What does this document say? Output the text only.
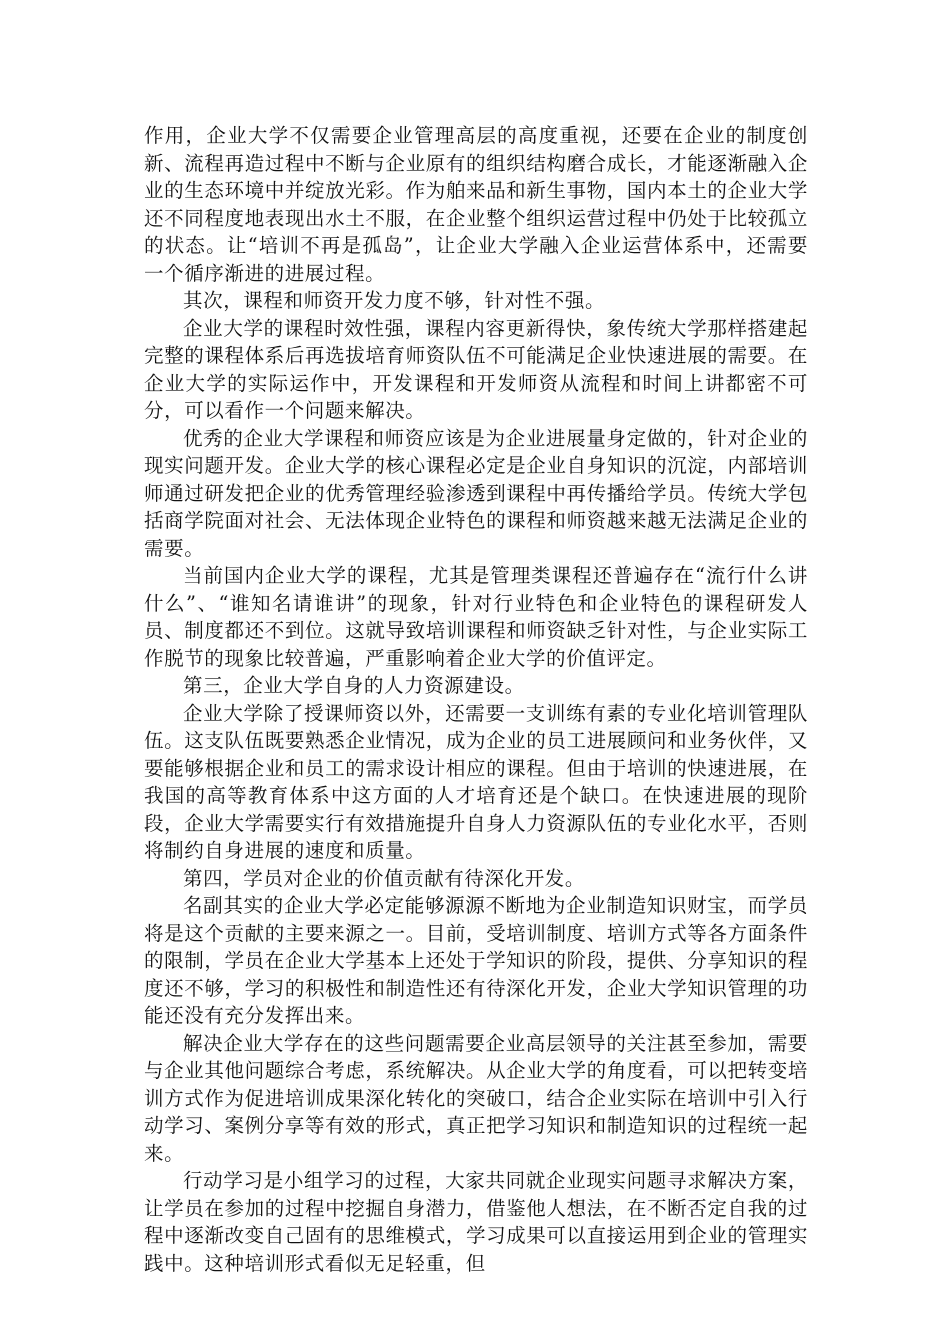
作用，企业大学不仅需要企业管理高层的高度重视，还要在企业的制度创新、流程再造过程中不断与企业原有的组织结构磨合成长，才能逐渐融入企业的生态环境中并绽放光彩。作为舶来品和新生事物，国内本土的企业大学还不同程度地表现出水土不服，在企业整个组织运营过程中仍处于比较孤立的状态。让“培训不再是孤岛”，让企业大学融入企业运营体系中，还需要一个循序渐进的进展过程。

其次，课程和师资开发力度不够，针对性不强。

企业大学的课程时效性强，课程内容更新得快，象传统大学那样搭建起完整的课程体系后再选拔培育师资队伍不可能满足企业快速进展的需要。在企业大学的实际运作中，开发课程和开发师资从流程和时间上讲都密不可分，可以看作一个问题来解决。

优秀的企业大学课程和师资应该是为企业进展量身定做的，针对企业的现实问题开发。企业大学的核心课程必定是企业自身知识的沉淀，内部培训师通过研发把企业的优秀管理经验渗透到课程中再传播给学员。传统大学包括商学院面对社会、无法体现企业特色的课程和师资越来越无法满足企业的需要。

当前国内企业大学的课程，尤其是管理类课程还普遍存在“流行什么讲什么”、“谁知名请谁讲”的现象，针对行业特色和企业特色的课程研发人员、制度都还不到位。这就导致培训课程和师资缺乏针对性，与企业实际工作脱节的现象比较普遍，严重影响着企业大学的价值评定。

第三，企业大学自身的人力资源建设。

企业大学除了授课师资以外，还需要一支训练有素的专业化培训管理队伍。这支队伍既要熟悉企业情况，成为企业的员工进展顾问和业务伙伴，又要能够根据企业和员工的需求设计相应的课程。但由于培训的快速进展，在我国的高等教育体系中这方面的人才培育还是个缺口。在快速进展的现阶段，企业大学需要实行有效措施提升自身人力资源队伍的专业化水平，否则将制约自身进展的速度和质量。

第四，学员对企业的价值贡献有待深化开发。

名副其实的企业大学必定能够源源不断地为企业制造知识财宝，而学员将是这个贡献的主要来源之一。目前，受培训制度、培训方式等各方面条件的限制，学员在企业大学基本上还处于学知识的阶段，提供、分享知识的程度还不够，学习的积极性和制造性还有待深化开发，企业大学知识管理的功能还没有充分发挥出来。

解决企业大学存在的这些问题需要企业高层领导的关注甚至参加，需要与企业其他问题综合考虑，系统解决。从企业大学的角度看，可以把转变培训方式作为促进培训成果深化转化的突破口，结合企业实际在培训中引入行动学习、案例分享等有效的形式，真正把学习知识和制造知识的过程统一起来。

行动学习是小组学习的过程，大家共同就企业现实问题寻求解决方案，让学员在参加的过程中挖掘自身潜力，借鉴他人想法，在不断否定自我的过程中逐渐改变自己固有的思维模式，学习成果可以直接运用到企业的管理实践中。这种培训形式看似无足轻重，但
